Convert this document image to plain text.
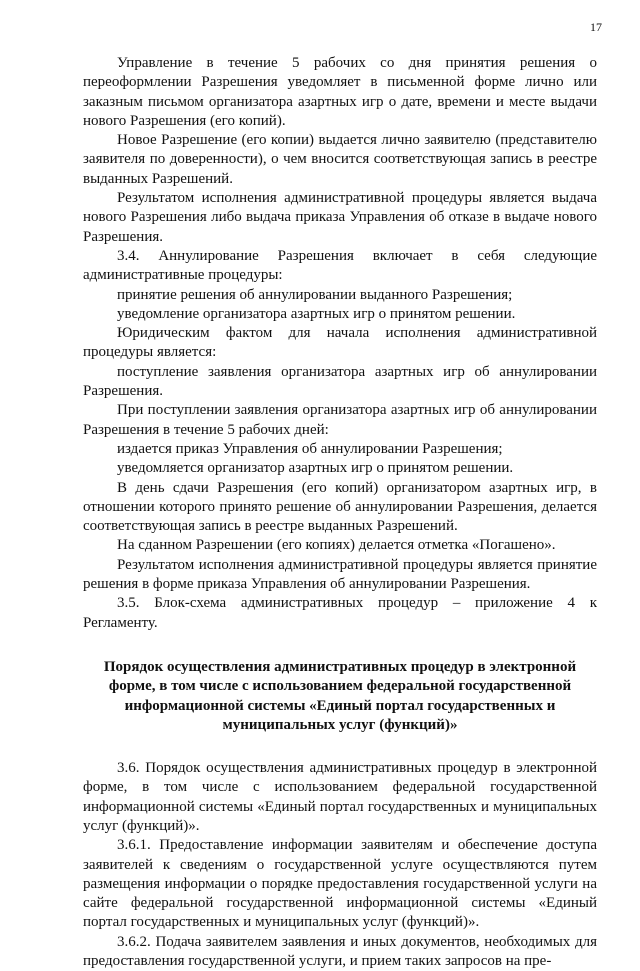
17

Управление в течение 5 рабочих со дня принятия решения о переоформлении Разрешения уведомляет в письменной форме лично или заказным письмом организатора азартных игр о дате, времени и месте выдачи нового Разрешения (его копий).

Новое Разрешение (его копии) выдается лично заявителю (представителю заявителя по доверенности), о чем вносится соответствующая запись в реестре выданных Разрешений.

Результатом исполнения административной процедуры является выдача нового Разрешения либо выдача приказа Управления об отказе в выдаче нового Разрешения.

3.4. Аннулирование Разрешения включает в себя следующие административные процедуры:

принятие решения об аннулировании выданного Разрешения;

уведомление организатора азартных игр о принятом решении.

Юридическим фактом для начала исполнения административной процедуры является:

поступление заявления организатора азартных игр об аннулировании Разрешения.

При поступлении заявления организатора азартных игр об аннулировании Разрешения в течение 5 рабочих дней:

издается приказ Управления об аннулировании Разрешения;

уведомляется организатор азартных игр о принятом решении.

В день сдачи Разрешения (его копий) организатором азартных игр, в отношении которого принято решение об аннулировании Разрешения, делается соответствующая запись в реестре выданных Разрешений.

На сданном Разрешении (его копиях) делается отметка «Погашено».

Результатом исполнения административной процедуры является принятие решения в форме приказа Управления об аннулировании Разрешения.

3.5. Блок-схема административных процедур – приложение 4 к Регламенту.

Порядок осуществления административных процедур в электронной форме, в том числе с использованием федеральной государственной информационной системы «Единый портал государственных и муниципальных услуг (функций)»

3.6. Порядок осуществления административных процедур в электронной форме, в том числе с использованием федеральной государственной информационной системы «Единый портал государственных и муниципальных услуг (функций)».

3.6.1. Предоставление информации заявителям и обеспечение доступа заявителей к сведениям о государственной услуге осуществляются путем размещения информации о порядке предоставления государственной услуги на сайте федеральной государственной информационной системы «Единый портал государственных и муниципальных услуг (функций)».

3.6.2. Подача заявителем заявления и иных документов, необходимых для предоставления государственной услуги, и прием таких запросов на пре-
